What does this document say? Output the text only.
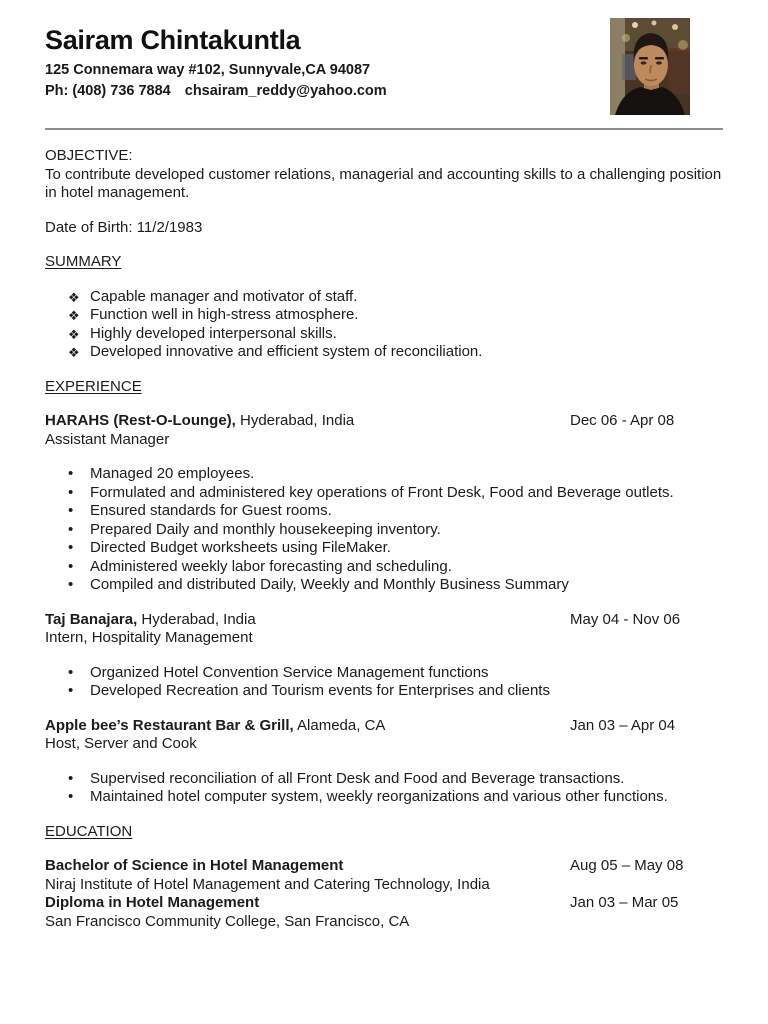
Sairam Chintakuntla
125 Connemara way #102, Sunnyvale,CA 94087
Ph: (408) 736 7884 chsairam_reddy@yahoo.com
OBJECTIVE:
To contribute developed customer relations, managerial and accounting skills to a challenging position in hotel management.
Date of Birth: 11/2/1983
SUMMARY
❖ Capable manager and motivator of staff.
❖ Function well in high-stress atmosphere.
❖ Highly developed interpersonal skills.
❖ Developed innovative and efficient system of reconciliation.
EXPERIENCE
HARAHS (Rest-O-Lounge), Hyderabad, India	Dec 06 - Apr 08
Assistant Manager
• Managed 20 employees.
• Formulated and administered key operations of Front Desk, Food and Beverage outlets.
• Ensured standards for Guest rooms.
• Prepared Daily and monthly housekeeping inventory.
• Directed Budget worksheets using FileMaker.
• Administered weekly labor forecasting and scheduling.
• Compiled and distributed Daily, Weekly and Monthly Business Summary
Taj Banajara, Hyderabad, India	May 04 - Nov 06
Intern, Hospitality Management
• Organized Hotel Convention Service Management functions
• Developed Recreation and Tourism events for Enterprises and clients
Apple bee’s Restaurant Bar & Grill, Alameda, CA	Jan 03 – Apr 04
Host, Server and Cook
• Supervised reconciliation of all Front Desk and Food and Beverage transactions.
• Maintained hotel computer system, weekly reorganizations and various other functions.
EDUCATION
Bachelor of Science in Hotel Management	Aug 05 – May 08
Niraj Institute of Hotel Management and Catering Technology, India
Diploma in Hotel Management	Jan 03 – Mar 05
San Francisco Community College, San Francisco, CA
